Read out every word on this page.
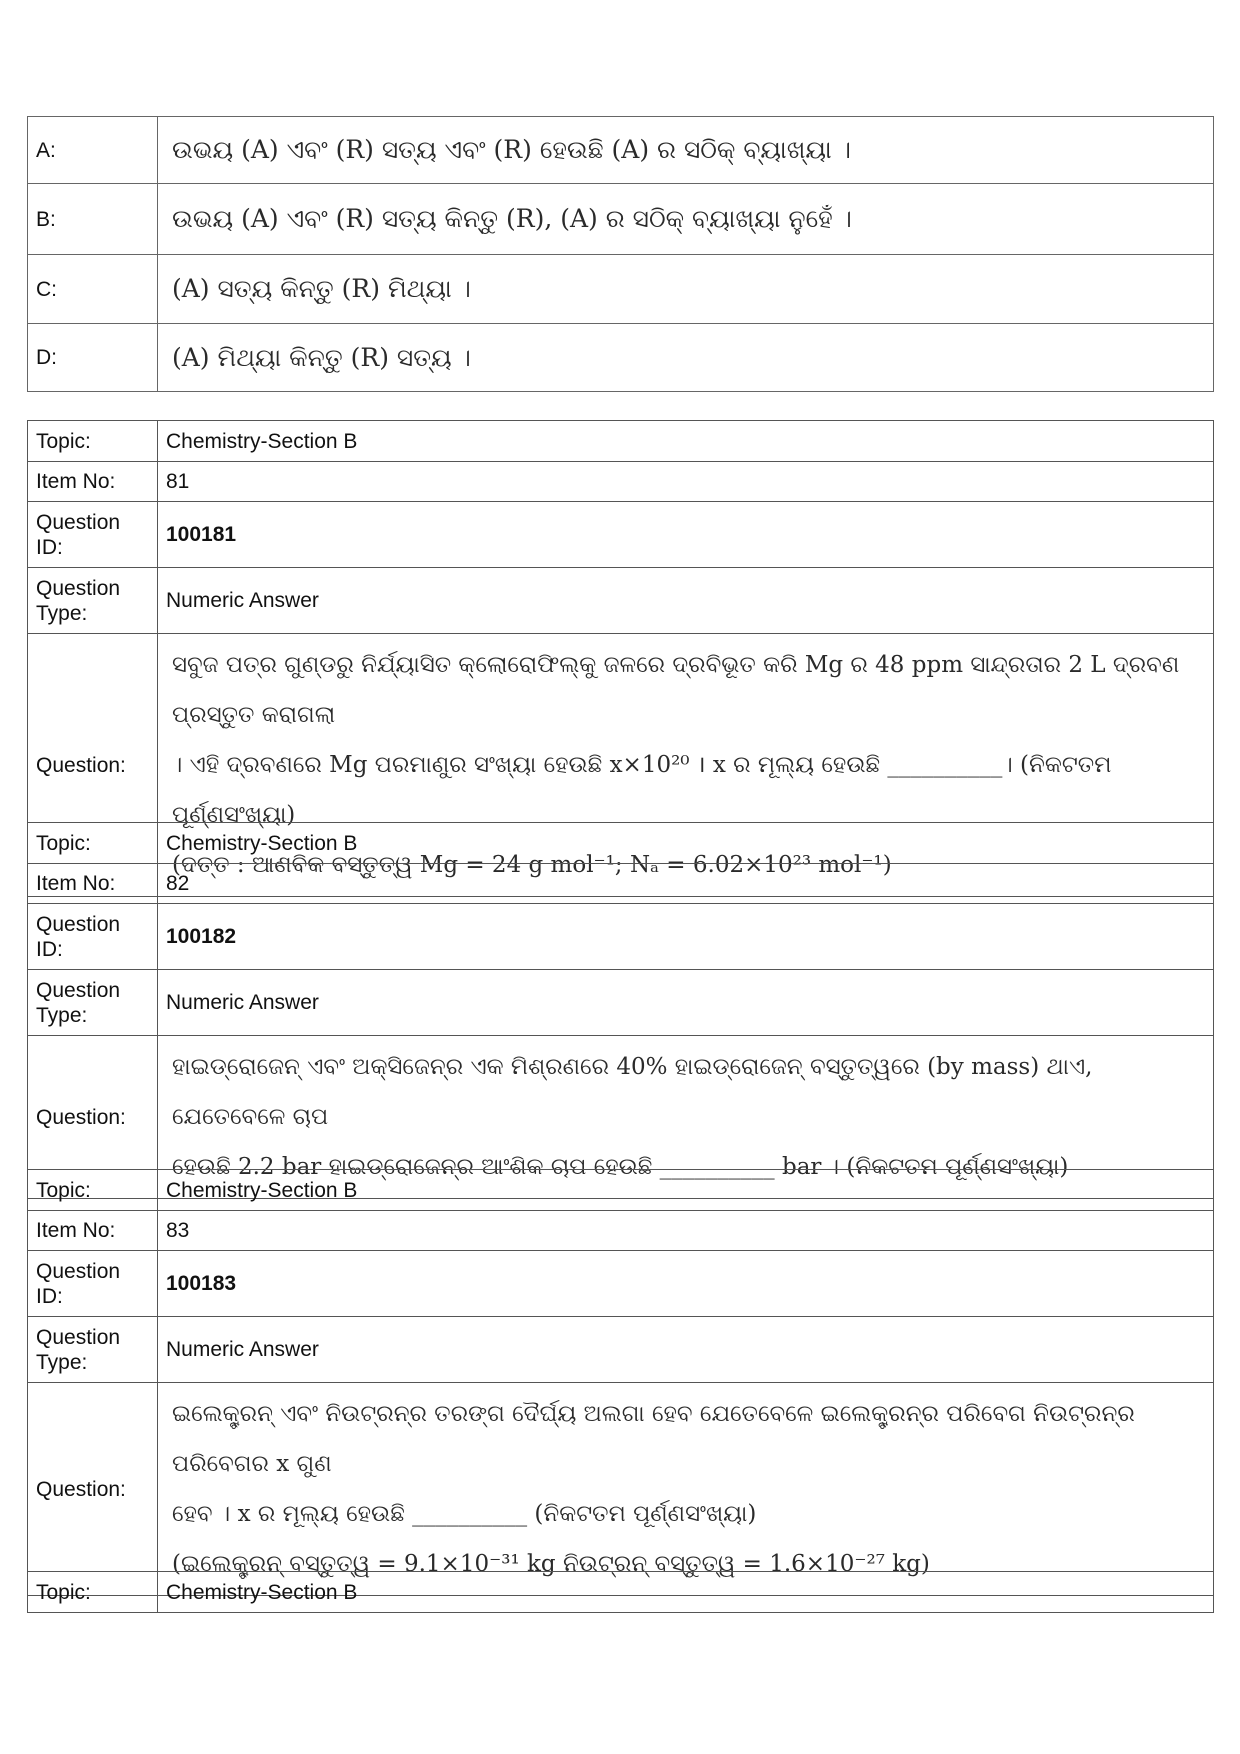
A:	ଉଭୟ (A) ଏବଂ (R) ସତ୍ୟ ଏବଂ (R) ହେଉଛି (A) ର ସଠିକ୍ ବ୍ୟାଖ୍ୟା ।
B:	ଉଭୟ (A) ଏବଂ (R) ସତ୍ୟ କିନ୍ତୁ (R), (A) ର ସଠିକ୍ ବ୍ୟାଖ୍ୟା ନୁହେଁ ।
C:	(A) ସତ୍ୟ କିନ୍ତୁ (R) ମିଥ୍ୟା ।
D:	(A) ମିଥ୍ୟା କିନ୍ତୁ (R) ସତ୍ୟ ।
Topic:	Chemistry-Section B
Item No:	81
Question ID:	100181
Question Type:	Numeric Answer
Question:	ସବୁଜ ପତ୍ର ଗୁଣ୍ଡରୁ ନିର୍ଯ୍ୟାସିତ କ୍ଲୋରୋଫିଲ୍‌କୁ ଜଳରେ ଦ୍ରବିଭୂତ କରି Mg ର 48 ppm ସାନ୍ଦ୍ରତାର 2 L ଦ୍ରବଣ ପ୍ରସ୍ତୁତ କରାଗଲା
। ଏହି ଦ୍ରବଣରେ Mg ପରମାଣୁର ସଂଖ୍ୟା ହେଉଛି x×10²⁰ । x ର ମୂଲ୍ୟ ହେଉଛି __________। (ନିକଟତମ ପୂର୍ଣ୍ଣସଂଖ୍ୟା)
(ଦତ୍ତ : ଆଣବିକ ବସ୍ତୁତ୍ୱ Mg = 24 g mol⁻¹; Nₐ = 6.02×10²³ mol⁻¹)
Topic:	Chemistry-Section B
Item No:	82
Question ID:	100182
Question Type:	Numeric Answer
Question:	ହାଇଡ୍ରୋଜେନ୍ ଏବଂ ଅକ୍ସିଜେନ୍‌ର ଏକ ମିଶ୍ରଣରେ 40% ହାଇଡ୍ରୋଜେନ୍ ବସ୍ତୁତ୍ୱରେ (by mass) ଥାଏ, ଯେତେବେଳେ ଚାପ
ହେଉଛି 2.2 bar ହାଇଡ୍ରୋଜେନ୍‌ର ଆଂଶିକ ଚାପ ହେଉଛି __________ bar । (ନିକଟତମ ପୂର୍ଣ୍ଣସଂଖ୍ୟା)
Topic:	Chemistry-Section B
Item No:	83
Question ID:	100183
Question Type:	Numeric Answer
Question:	ଇଲେକ୍ଟ୍ରନ୍ ଏବଂ ନିଉଟ୍ରନ୍‌ର ତରଙ୍ଗ ଦୈର୍ଘ୍ୟ ଅଲଗା ହେବ ଯେତେବେଳେ ଇଲେକ୍ଟ୍ରନ୍‌ର ପରିବେଗ ନିଉଟ୍ରନ୍‌ର ପରିବେଗର x ଗୁଣ
ହେବ । x ର ମୂଲ୍ୟ ହେଉଛି __________ (ନିକଟତମ ପୂର୍ଣ୍ଣସଂଖ୍ୟା)
(ଇଲେକ୍ଟ୍ରନ୍ ବସ୍ତୁତ୍ୱ = 9.1×10⁻³¹ kg ନିଉଟ୍ରନ୍ ବସ୍ତୁତ୍ୱ = 1.6×10⁻²⁷ kg)
Topic:	Chemistry-Section B
